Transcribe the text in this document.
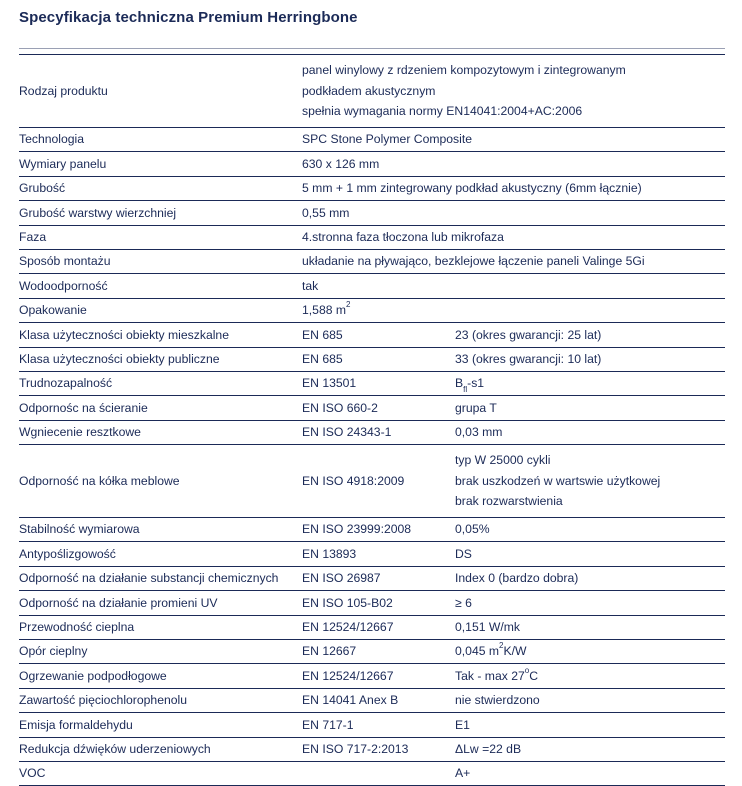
Specyfikacja techniczna Premium Herringbone
Rodzaj produktu	panel winylowy z rdzeniem kompozytowym i zintegrowanym
podkładem akustycznym
spełnia wymagania normy EN14041:2004+AC:2006	

Technologia	SPC Stone Polymer Composite	
Wymiary panelu	630 x 126 mm	
Grubość	5 mm + 1 mm zintegrowany podkład akustyczny (6mm łącznie)	
Grubość warstwy wierzchniej	0,55 mm	
Faza	4.stronna faza tłoczona lub mikrofaza	
Sposób montażu	układanie na pływająco, bezklejowe łączenie paneli Valinge 5Gi	
Wodoodporność	tak	
Opakowanie	1,588 $m^2$
Klasa użyteczności obiekty mieszkalne	EN 685	23 (okres gwarancji: 25 lat)
Klasa użyteczności obiekty publiczne	EN 685	33 (okres gwarancji: 10 lat)
Trudnozapalność	EN 13501	$B_{fl}-s1$
Odpornośc na ścieranie	EN ISO 660-2	grupa T
Wgniecenie resztkowe	EN ISO 24343-1	0,03 mm
Odporność na kółka meblowe	EN ISO 4918:2009	typ W 25000 cykli
brak uszkodzeń w wartswie użytkowej
brak rozwarstwienia

Stabilność wymiarowa	EN ISO 23999:2008	0,05%
Antypoślizgowość	EN 13893	DS
Odporność na działanie substancji chemicznych	EN ISO 26987	Index 0 (bardzo dobra)
Odporność na działanie promieni UV	EN ISO 105-B02	≥ 6
Przewodność cieplna	EN 12524/12667	0,151 W/mk
Opór cieplny	EN 12667	0,045 $m^2K/W$
Ogrzewanie podpodłogowe	EN 12524/12667	Tak - max 27$^o$C
Zawartość pięciochlorophenolu	EN 14041 Anex B	nie stwierdzono
Emisja formaldehydu	EN 717-1	E1
Redukcja dźwięków uderzeniowych	EN ISO 717-2:2013	ΔLw =22 dB
VOC		A+
